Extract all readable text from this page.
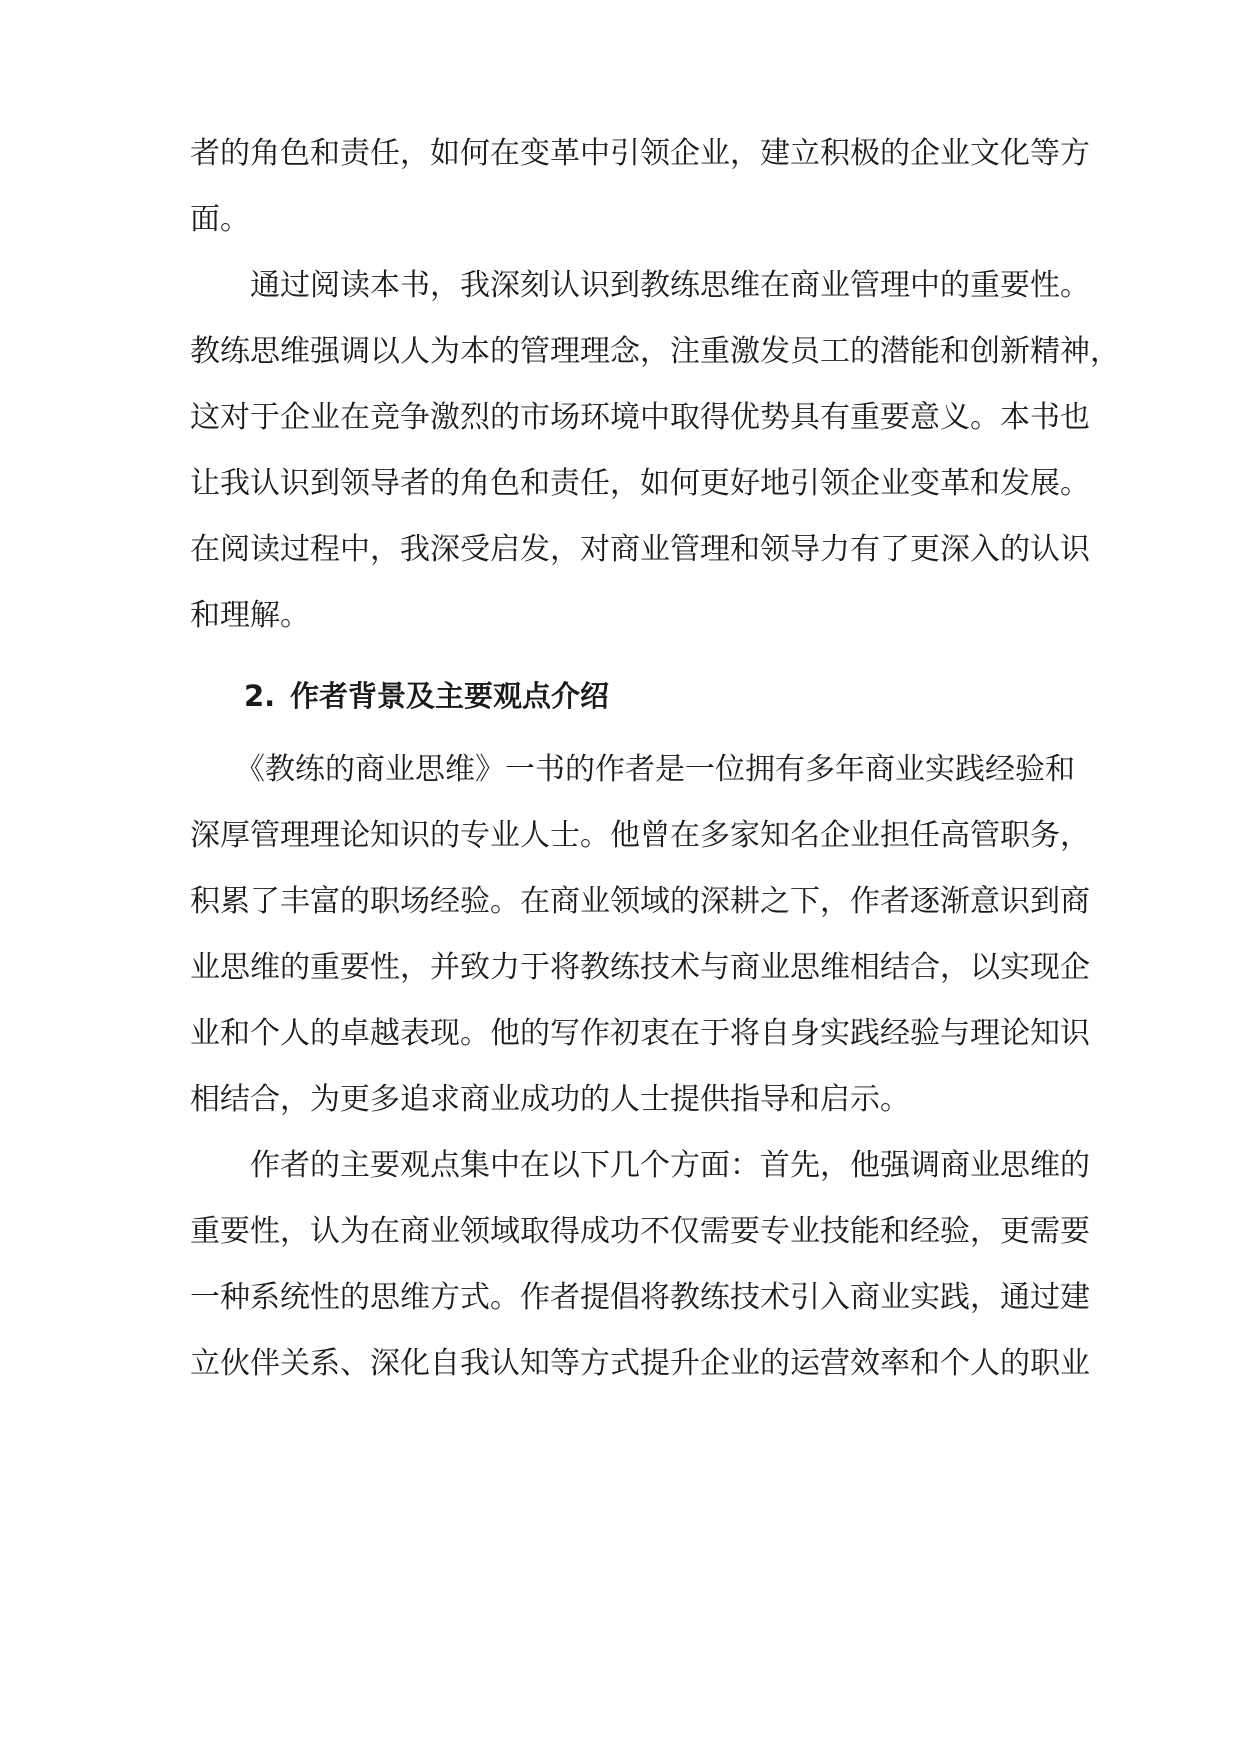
者的角色和责任，如何在变革中引领企业，建立积极的企业文化等方
面。
　　通过阅读本书，我深刻认识到教练思维在商业管理中的重要性。
教练思维强调以人为本的管理理念，注重激发员工的潜能和创新精神，
这对于企业在竞争激烈的市场环境中取得优势具有重要意义。本书也
让我认识到领导者的角色和责任，如何更好地引领企业变革和发展。
在阅读过程中，我深受启发，对商业管理和领导力有了更深入的认识
和理解。
2. 作者背景及主要观点介绍
　　《教练的商业思维》一书的作者是一位拥有多年商业实践经验和
深厚管理理论知识的专业人士。他曾在多家知名企业担任高管职务，
积累了丰富的职场经验。在商业领域的深耕之下，作者逐渐意识到商
业思维的重要性，并致力于将教练技术与商业思维相结合，以实现企
业和个人的卓越表现。他的写作初衷在于将自身实践经验与理论知识
相结合，为更多追求商业成功的人士提供指导和启示。
　　作者的主要观点集中在以下几个方面：首先，他强调商业思维的
重要性，认为在商业领域取得成功不仅需要专业技能和经验，更需要
一种系统性的思维方式。作者提倡将教练技术引入商业实践，通过建
立伙伴关系、深化自我认知等方式提升企业的运营效率和个人的职业
